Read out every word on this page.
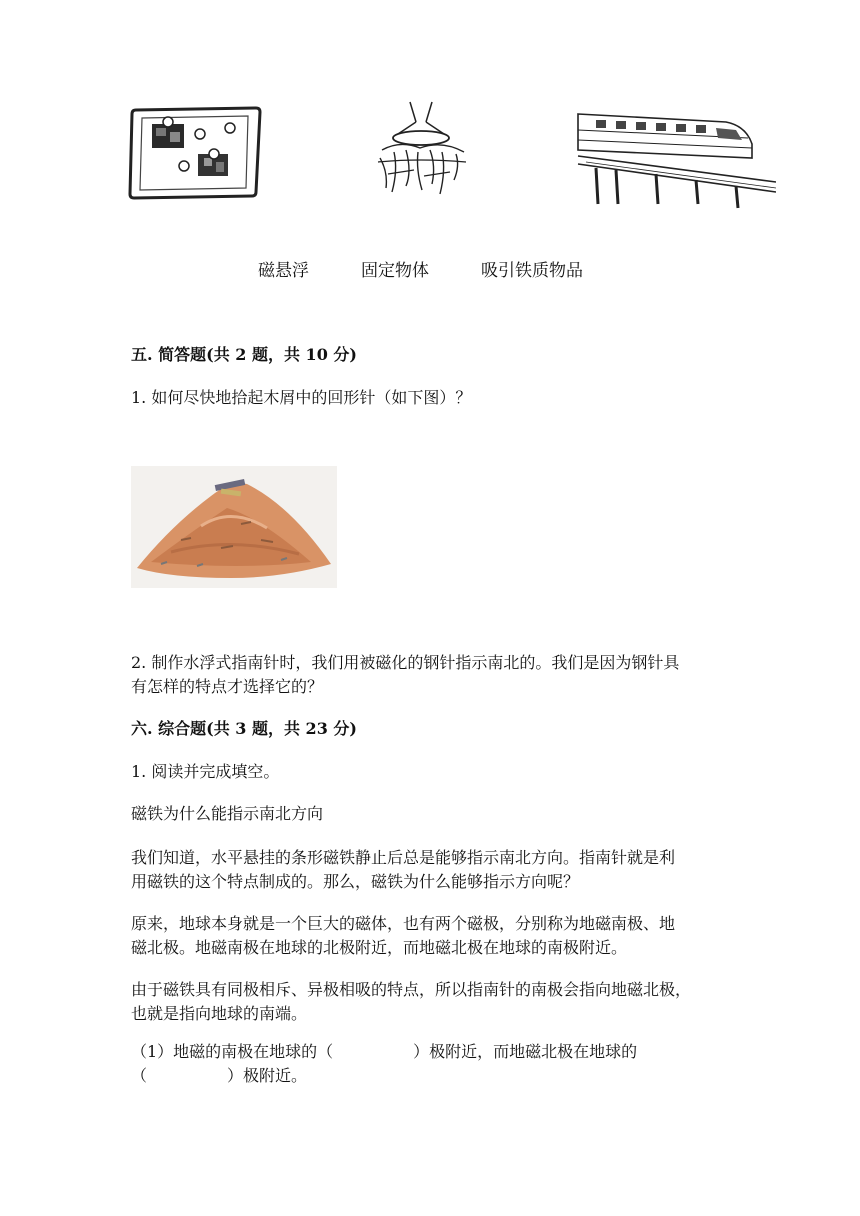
磁悬浮	固定物体	吸引铁质物品
五. 简答题(共 2 题，共 10 分)
1. 如何尽快地拾起木屑中的回形针（如下图）？
2. 制作水浮式指南针时，我们用被磁化的钢针指示南北的。我们是因为钢针具
有怎样的特点才选择它的？
六. 综合题(共 3 题，共 23 分)
1. 阅读并完成填空。
磁铁为什么能指示南北方向
我们知道，水平悬挂的条形磁铁静止后总是能够指示南北方向。指南针就是利
用磁铁的这个特点制成的。那么，磁铁为什么能够指示方向呢？
原来，地球本身就是一个巨大的磁体，也有两个磁极，分别称为地磁南极、地
磁北极。地磁南极在地球的北极附近，而地磁北极在地球的南极附近。
由于磁铁具有同极相斥、异极相吸的特点，所以指南针的南极会指向地磁北极，
也就是指向地球的南端。
（1）地磁的南极在地球的（　　　　　）极附近，而地磁北极在地球的
（　　　　　）极附近。
